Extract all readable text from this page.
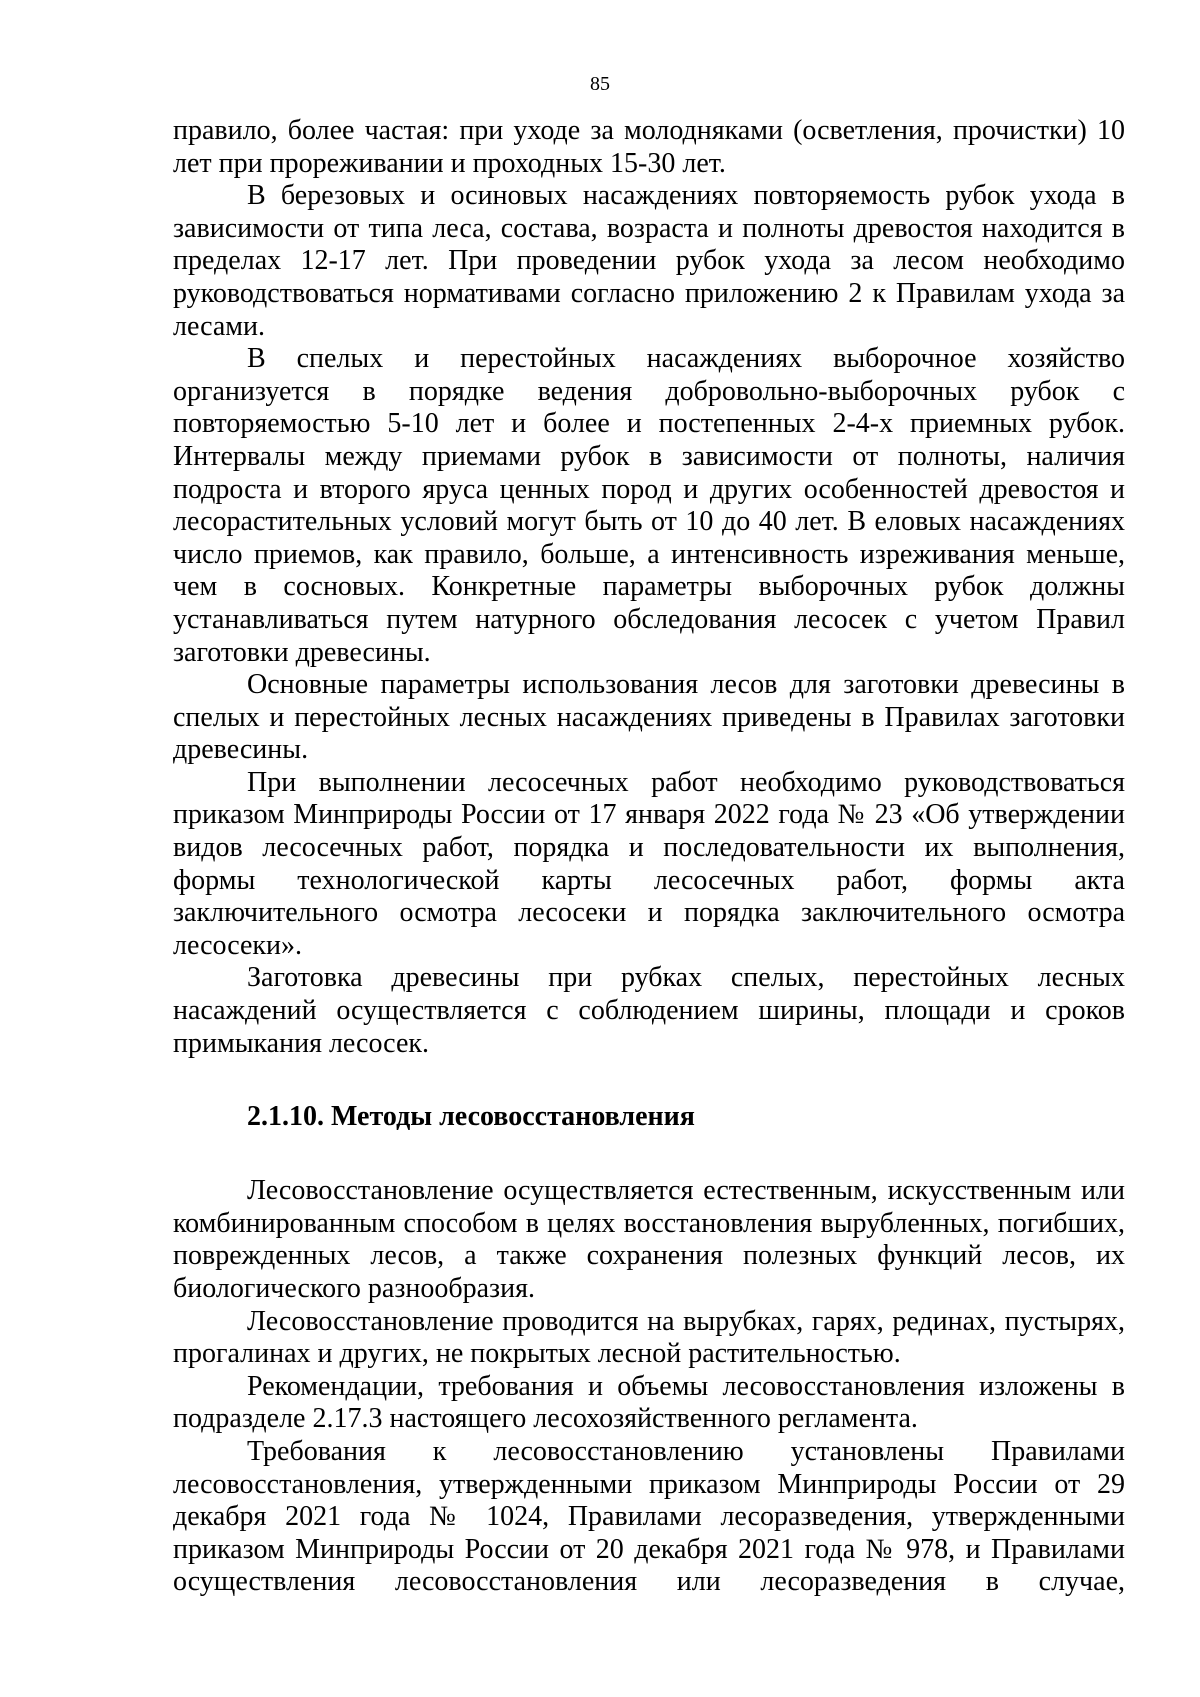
85

правило, более частая: при уходе за молодняками (осветления, прочистки) 10 лет при прореживании и проходных 15-30 лет.

В березовых и осиновых насаждениях повторяемость рубок ухода в зависимости от типа леса, состава, возраста и полноты древостоя находится в пределах 12-17 лет. При проведении рубок ухода за лесом необходимо руководствоваться нормативами согласно приложению 2 к Правилам ухода за лесами.

В спелых и перестойных насаждениях выборочное хозяйство организуется в порядке ведения добровольно-выборочных рубок с повторяемостью 5-10 лет и более и постепенных 2-4-х приемных рубок. Интервалы между приемами рубок в зависимости от полноты, наличия подроста и второго яруса ценных пород и других особенностей древостоя и лесорастительных условий могут быть от 10 до 40 лет. В еловых насаждениях число приемов, как правило, больше, а интенсивность изреживания меньше, чем в сосновых. Конкретные параметры выборочных рубок должны устанавливаться путем натурного обследования лесосек с учетом Правил заготовки древесины.

Основные параметры использования лесов для заготовки древесины в спелых и перестойных лесных насаждениях приведены в Правилах заготовки древесины.

При выполнении лесосечных работ необходимо руководствоваться приказом Минприроды России от 17 января 2022 года № 23 «Об утверждении видов лесосечных работ, порядка и последовательности их выполнения, формы технологической карты лесосечных работ, формы акта заключительного осмотра лесосеки и порядка заключительного осмотра лесосеки».

Заготовка древесины при рубках спелых, перестойных лесных насаждений осуществляется с соблюдением ширины, площади и сроков примыкания лесосек.

2.1.10. Методы лесовосстановления

Лесовосстановление осуществляется естественным, искусственным или комбинированным способом в целях восстановления вырубленных, погибших, поврежденных лесов, а также сохранения полезных функций лесов, их биологического разнообразия.

Лесовосстановление проводится на вырубках, гарях, рединах, пустырях, прогалинах и других, не покрытых лесной растительностью.

Рекомендации, требования и объемы лесовосстановления изложены в подразделе 2.17.3 настоящего лесохозяйственного регламента.

Требования к лесовосстановлению установлены Правилами лесовосстановления, утвержденными приказом Минприроды России от 29 декабря 2021 года № 1024, Правилами лесоразведения, утвержденными приказом Минприроды России от 20 декабря 2021 года № 978, и Правилами осуществления лесовосстановления или лесоразведения в случае,
